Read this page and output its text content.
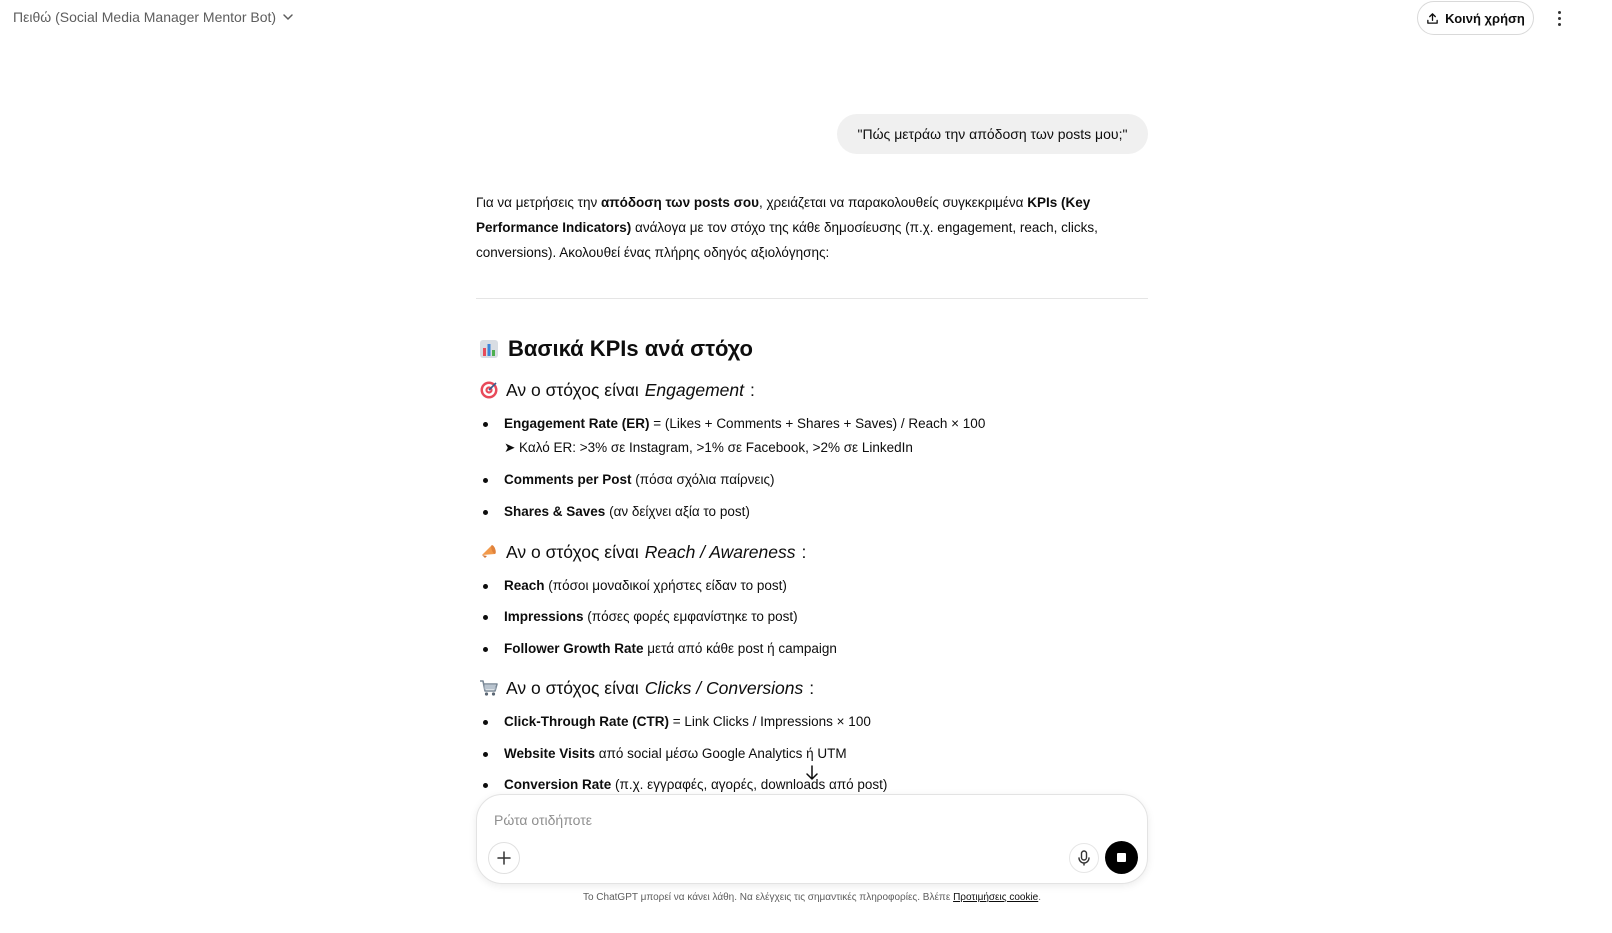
Πειθώ (Social Media Manager Mentor Bot)	Κοινή χρήση
"Πώς μετράω την απόδοση των posts μου;"

Για να μετρήσεις την απόδοση των posts σου, χρειάζεται να παρακολουθείς συγκεκριμένα KPIs (Key
Performance Indicators) ανάλογα με τον στόχο της κάθε δημοσίευσης (π.χ. engagement, reach, clicks,
conversions). Ακολουθεί ένας πλήρης οδηγός αξιολόγησης:

Βασικά KPIs ανά στόχο
Αν ο στόχος είναι Engagement :
Engagement Rate (ER) = (Likes + Comments + Shares + Saves) / Reach × 100
➤ Καλό ER: >3% σε Instagram, >1% σε Facebook, >2% σε LinkedIn
Comments per Post (πόσα σχόλια παίρνεις)
Shares & Saves (αν δείχνει αξία το post)
Αν ο στόχος είναι Reach / Awareness :
Reach (πόσοι μοναδικοί χρήστες είδαν το post)
Impressions (πόσες φορές εμφανίστηκε το post)
Follower Growth Rate μετά από κάθε post ή campaign
Αν ο στόχος είναι Clicks / Conversions :
Click-Through Rate (CTR) = Link Clicks / Impressions × 100
Website Visits από social μέσω Google Analytics ή UTM
Conversion Rate (π.χ. εγγραφές, αγορές, downloads από post)
Ρώτα οτιδήποτε
Το ChatGPT μπορεί να κάνει λάθη. Να ελέγχεις τις σημαντικές πληροφορίες. Βλέπε Προτιμήσεις cookie.
